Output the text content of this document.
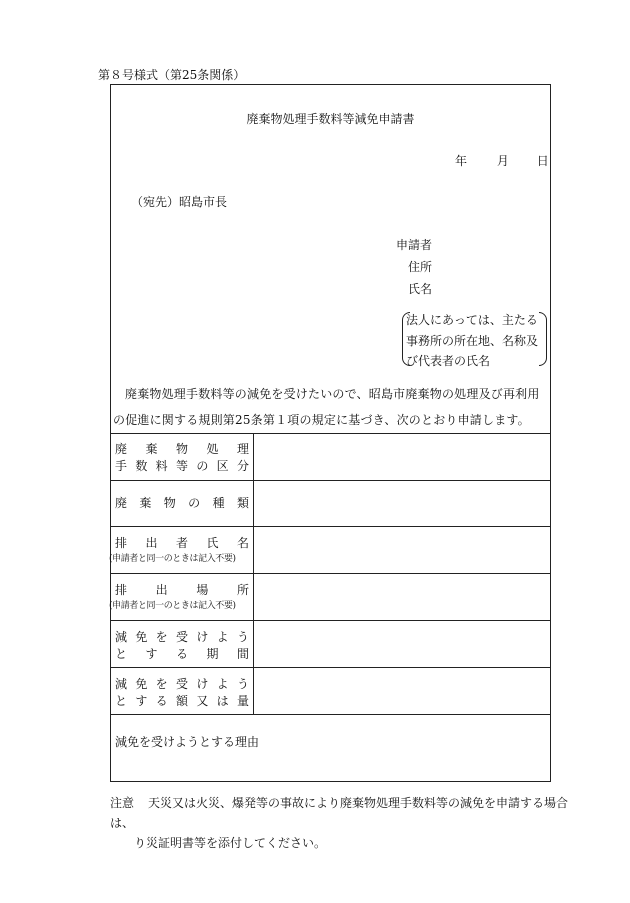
第８号様式（第25条関係）
廃棄物処理手数料等減免申請書
年 月 日
（宛先）昭島市長
申請者
住所
氏名
法人にあっては、主たる
事務所の所在地、名称及
び代表者の氏名
廃棄物処理手数料等の減免を受けたいので、昭島市廃棄物の処理及び再利用の促進に関する規則第25条第１項の規定に基づき、次のとおり申請します。
廃 棄 物 処 理
手 数 料 等 の 区 分
廃 棄 物 の 種 類
排 出 者 氏 名
(申請者と同一のときは記入不要)
排 出 場 所
(申請者と同一のときは記入不要)
減 免 を 受 け よ う
と す る 期 間
減 免 を 受 け よ う
と す る 額 又 は 量
減免を受けようとする理由
注意 天災又は火災、爆発等の事故により廃棄物処理手数料等の減免を申請する場合は、
り災証明書等を添付してください。
